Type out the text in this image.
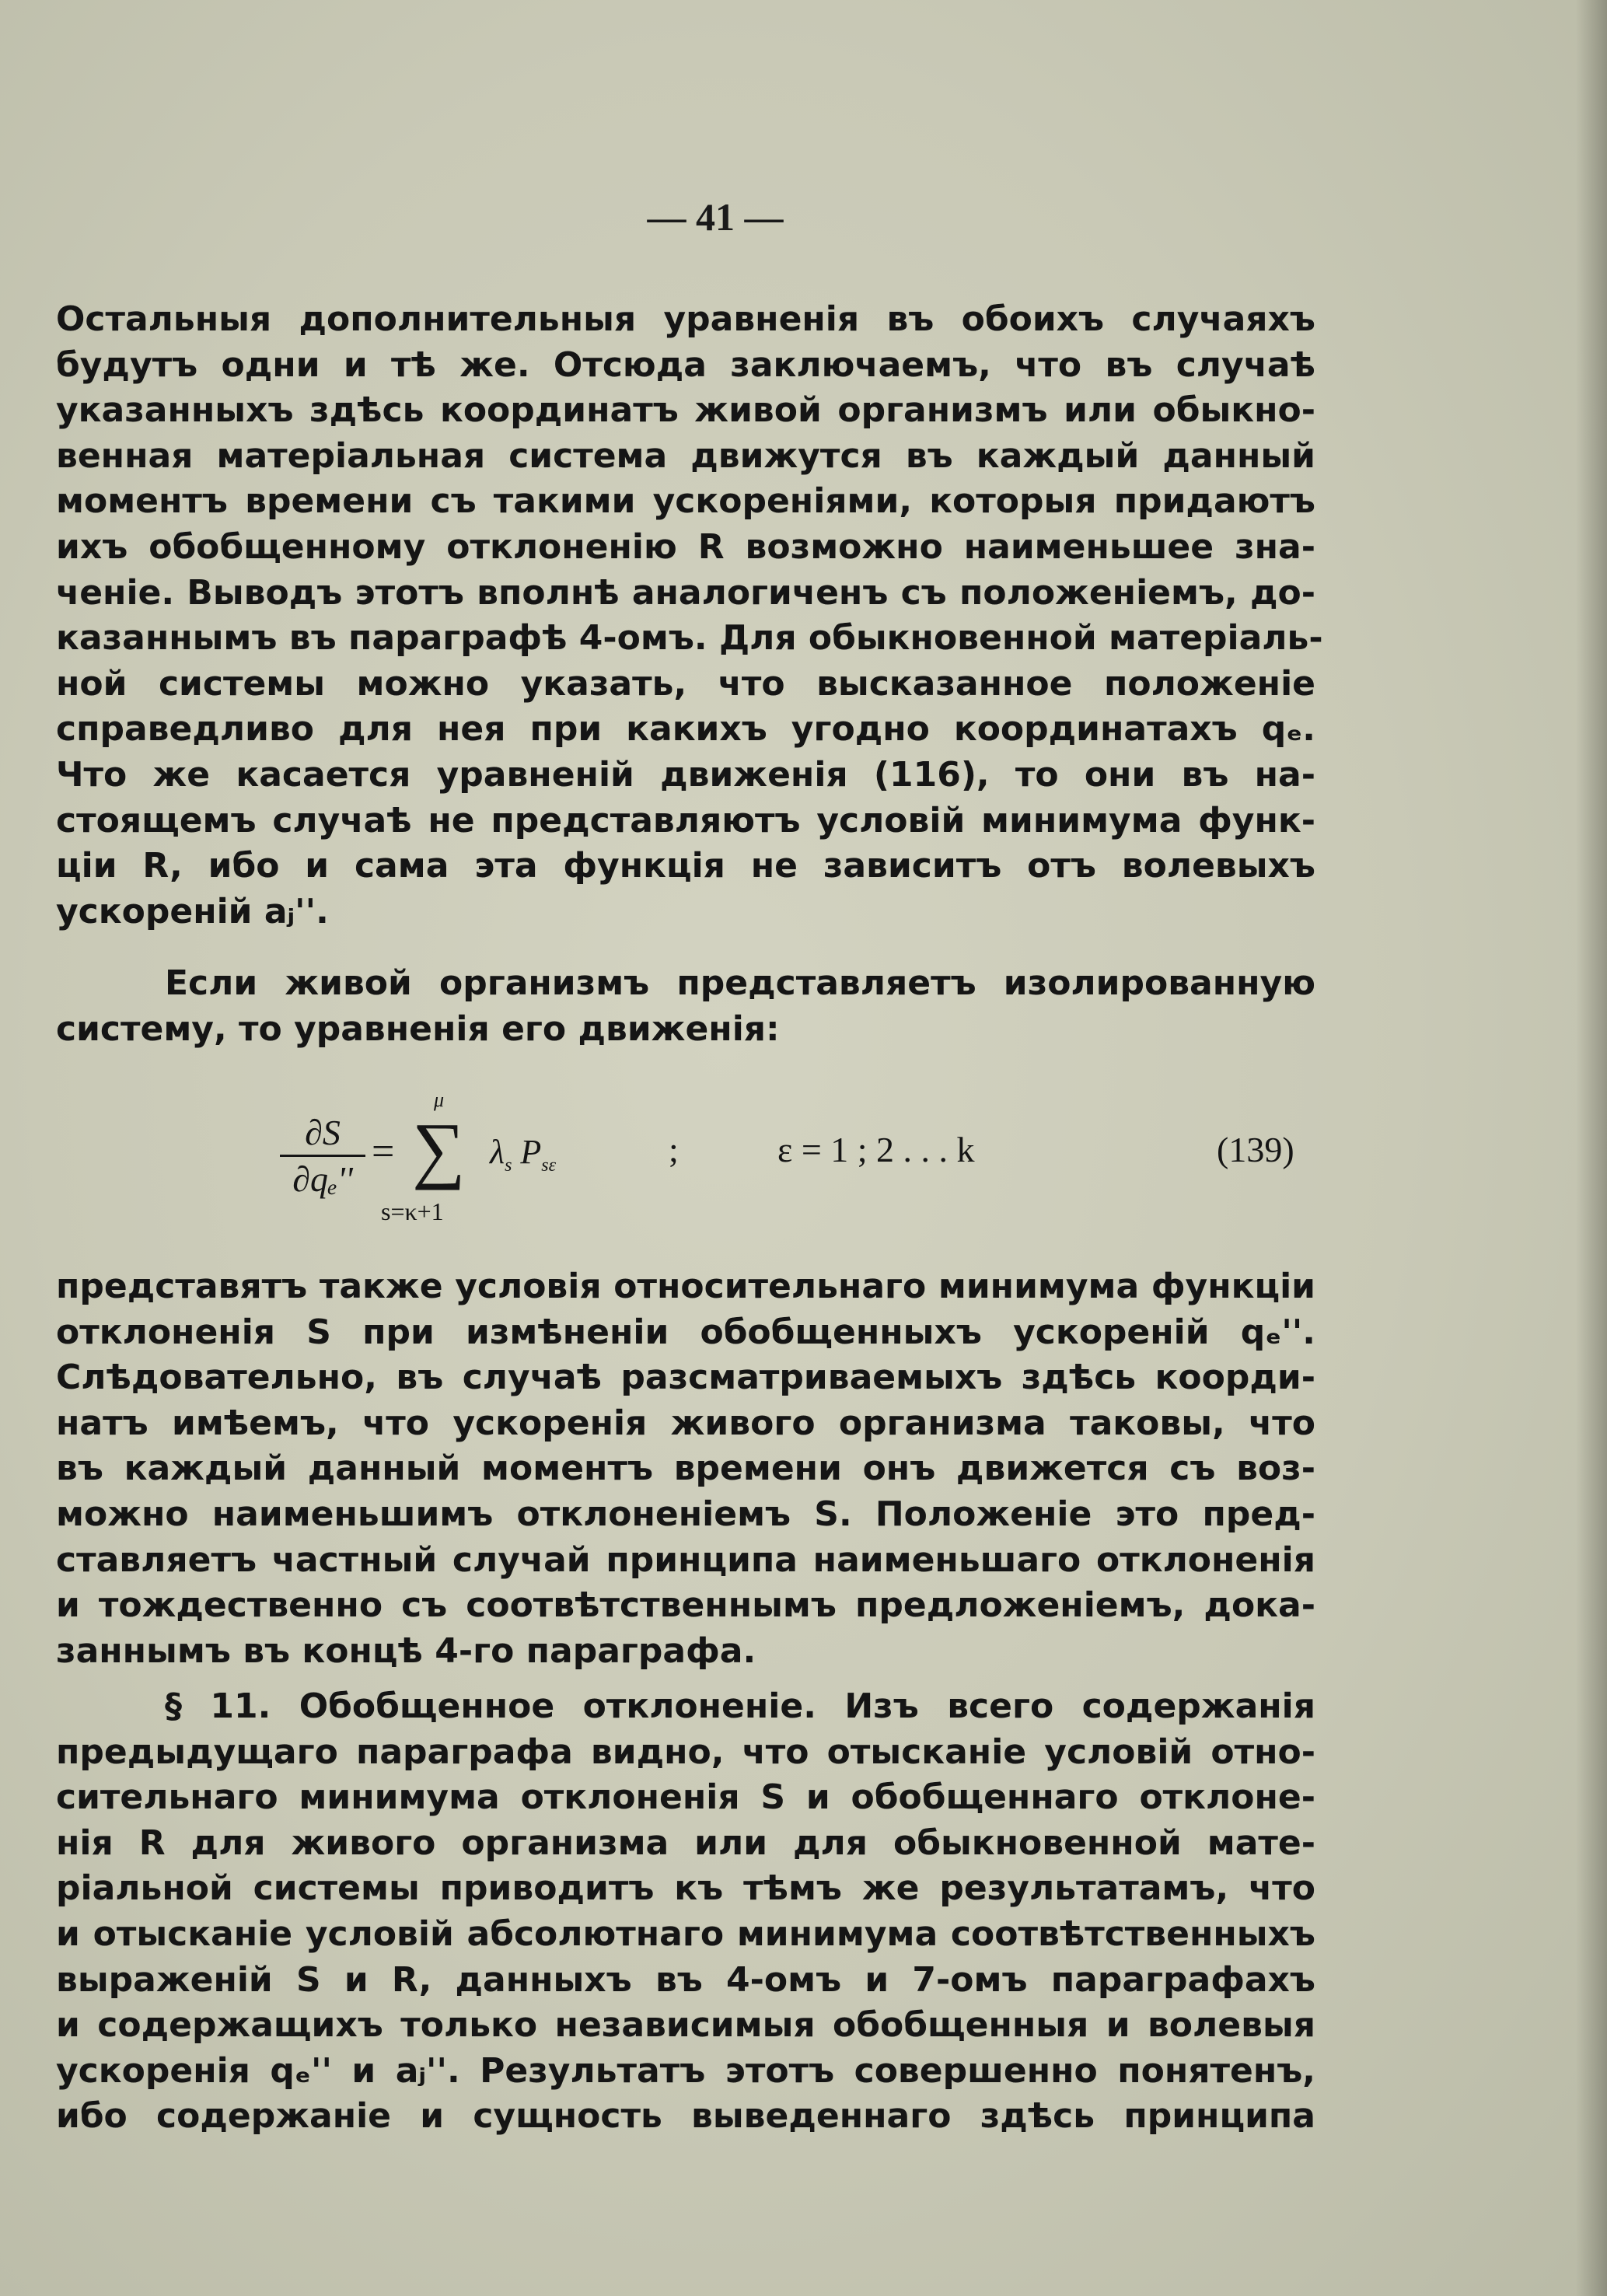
— 41 —
Остальныя дополнительныя уравненія въ обоихъ случаяхъ
будутъ одни и тѣ же. Отсюда заключаемъ, что въ случаѣ
указанныхъ здѣсь координатъ живой организмъ или обыкно-
венная матеріальная система движутся въ каждый данный
моментъ времени съ такими ускореніями, которыя придаютъ
ихъ обобщенному отклоненію R возможно наименьшее зна-
ченіе. Выводъ этотъ вполнѣ аналогиченъ съ положеніемъ, до-
казаннымъ въ параграфѣ 4-омъ. Для обыкновенной матеріаль-
ной системы можно указать, что высказанное положеніе
справедливо для нея при какихъ угодно координатахъ qₑ.
Что же касается уравненій движенія (116), то они въ на-
стоящемъ случаѣ не представляютъ условій минимума функ-
ціи R, ибо и сама эта функція не зависитъ отъ волевыхъ
ускореній aⱼ''.
Если живой организмъ представляетъ изолированную
систему, то уравненія его движенія:
$\frac{\partial S}{\text{∂qₑ''}}$ =
μ
∑
s=κ+1
$\lambda_s$ $P_{s\varepsilon}$	;	ε = 1 ; 2 . . . k	(139)
представятъ также условія относительнаго минимума функціи
отклоненія S при измѣненіи обобщенныхъ ускореній qₑ''.
Слѣдовательно, въ случаѣ разсматриваемыхъ здѣсь коорди-
натъ имѣемъ, что ускоренія живого организма таковы, что
въ каждый данный моментъ времени онъ движется съ воз-
можно наименьшимъ отклоненіемъ S. Положеніе это пред-
ставляетъ частный случай принципа наименьшаго отклоненія
и тождественно съ соотвѣтственнымъ предложеніемъ, дока-
заннымъ въ концѣ 4-го параграфа.
§ 11. Обобщенное отклоненіе. Изъ всего содержанія
предыдущаго параграфа видно, что отысканіе условій отно-
сительнаго минимума отклоненія S и обобщеннаго отклоне-
нія R для живого организма или для обыкновенной мате-
ріальной системы приводитъ къ тѣмъ же результатамъ, что
и отысканіе условій абсолютнаго минимума соотвѣтственныхъ
выраженій S и R, данныхъ въ 4-омъ и 7-омъ параграфахъ
и содержащихъ только независимыя обобщенныя и волевыя
ускоренія qₑ'' и aⱼ''. Результатъ этотъ совершенно понятенъ,
ибо содержаніе и сущность выведеннаго здѣсь принципа
